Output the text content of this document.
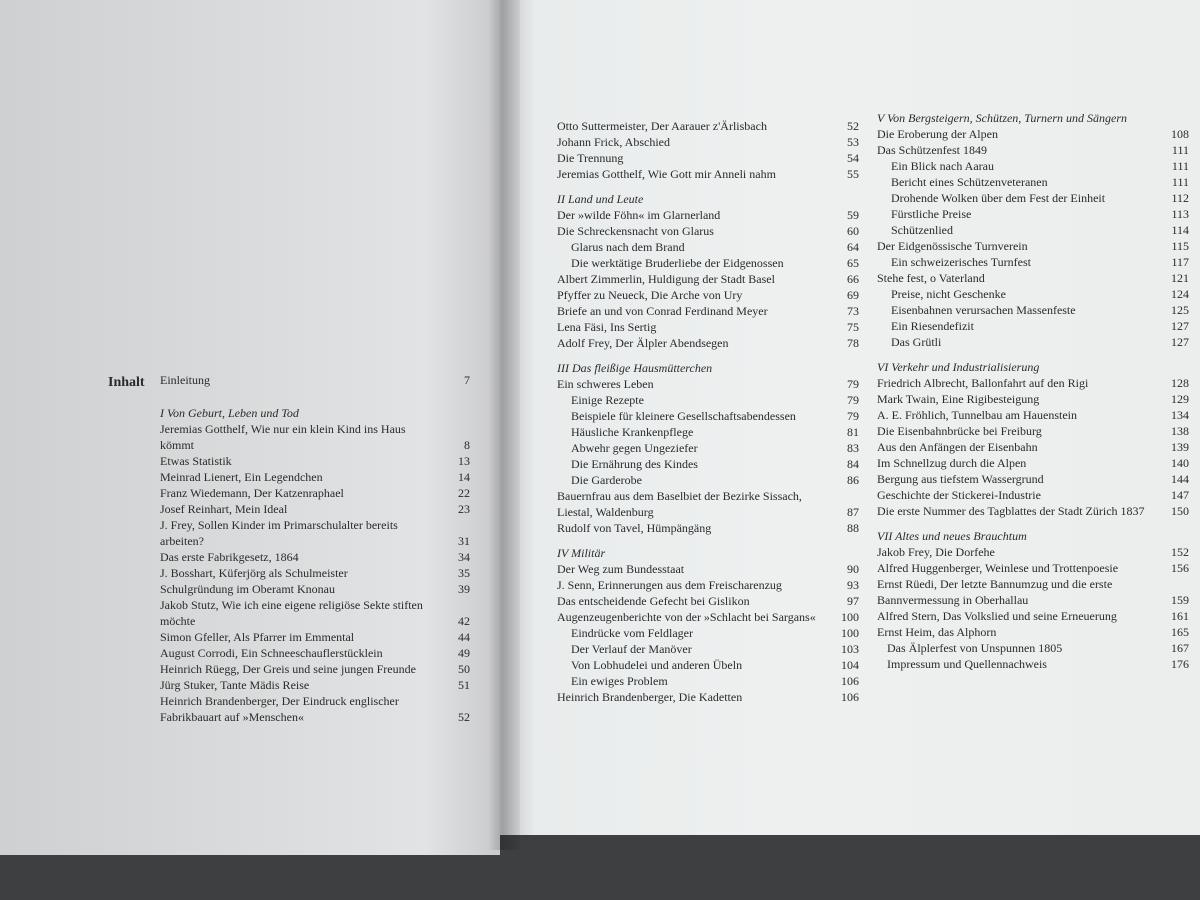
Inhalt Einleitung	7
I Von Geburt, Leben und Tod
Jeremias Gotthelf, Wie nur ein klein Kind ins Haus kömmt	8
Etwas Statistik	13
Meinrad Lienert, Ein Legendchen	14
Franz Wiedemann, Der Katzenraphael	22
Josef Reinhart, Mein Ideal	23
J. Frey, Sollen Kinder im Primarschulalter bereits arbeiten?	31
Das erste Fabrikgesetz, 1864	34
J. Bosshart, Küferjörg als Schulmeister	35
Schulgründung im Oberamt Knonau	39
Jakob Stutz, Wie ich eine eigene religiöse Sekte stiften möchte	42
Simon Gfeller, Als Pfarrer im Emmental	44
August Corrodi, Ein Schneeschauflerstücklein	49
Heinrich Rüegg, Der Greis und seine jungen Freunde	50
Jürg Stuker, Tante Mädis Reise	51
Heinrich Brandenberger, Der Eindruck englischer Fabrikbauart auf »Menschen«	52
Otto Suttermeister, Der Aarauer z'Ärlisbach	52
Johann Frick, Abschied	53
Die Trennung	54
Jeremias Gotthelf, Wie Gott mir Anneli nahm	55
II Land und Leute
Der »wilde Föhn« im Glarnerland	59
Die Schreckensnacht von Glarus	60
Glarus nach dem Brand	64
Die werktätige Bruderliebe der Eidgenossen	65
Albert Zimmerlin, Huldigung der Stadt Basel	66
Pfyffer zu Neueck, Die Arche von Ury	69
Briefe an und von Conrad Ferdinand Meyer	73
Lena Fäsi, Ins Sertig	75
Adolf Frey, Der Älpler Abendsegen	78
III Das fleißige Hausmütterchen
Ein schweres Leben	79
Einige Rezepte	79
Beispiele für kleinere Gesellschaftsabendessen	79
Häusliche Krankenpflege	81
Abwehr gegen Ungeziefer	83
Die Ernährung des Kindes	84
Die Garderobe	86
Bauernfrau aus dem Baselbiet der Bezirke Sissach, Liestal, Waldenburg	87
Rudolf von Tavel, Hümpängäng	88
IV Militär
Der Weg zum Bundesstaat	90
J. Senn, Erinnerungen aus dem Freischarenzug	93
Das entscheidende Gefecht bei Gislikon	97
Augenzeugenberichte von der »Schlacht bei Sargans«	100
Eindrücke vom Feldlager	100
Der Verlauf der Manöver	103
Von Lobhudelei und anderen Übeln	104
Ein ewiges Problem	106
Heinrich Brandenberger, Die Kadetten	106
V Von Bergsteigern, Schützen, Turnern und Sängern
Die Eroberung der Alpen	108
Das Schützenfest 1849	111
Ein Blick nach Aarau	111
Bericht eines Schützenveteranen	111
Drohende Wolken über dem Fest der Einheit	112
Fürstliche Preise	113
Schützenlied	114
Der Eidgenössische Turnverein	115
Ein schweizerisches Turnfest	117
Stehe fest, o Vaterland	121
Preise, nicht Geschenke	124
Eisenbahnen verursachen Massenfeste	125
Ein Riesendefizit	127
Das Grütli	127
VI Verkehr und Industrialisierung
Friedrich Albrecht, Ballonfahrt auf den Rigi	128
Mark Twain, Eine Rigibesteigung	129
A. E. Fröhlich, Tunnelbau am Hauenstein	134
Die Eisenbahnbrücke bei Freiburg	138
Aus den Anfängen der Eisenbahn	139
Im Schnellzug durch die Alpen	140
Bergung aus tiefstem Wassergrund	144
Geschichte der Stickerei-Industrie	147
Die erste Nummer des Tagblattes der Stadt Zürich 1837	150
VII Altes und neues Brauchtum
Jakob Frey, Die Dorfehe	152
Alfred Huggenberger, Weinlese und Trottenpoesie	156
Ernst Rüedi, Der letzte Bannumzug und die erste Bannvermessung in Oberhallau	159
Alfred Stern, Das Volkslied und seine Erneuerung	161
Ernst Heim, das Alphorn	165
Das Älplerfest von Unspunnen 1805	167
Impressum und Quellennachweis	176
